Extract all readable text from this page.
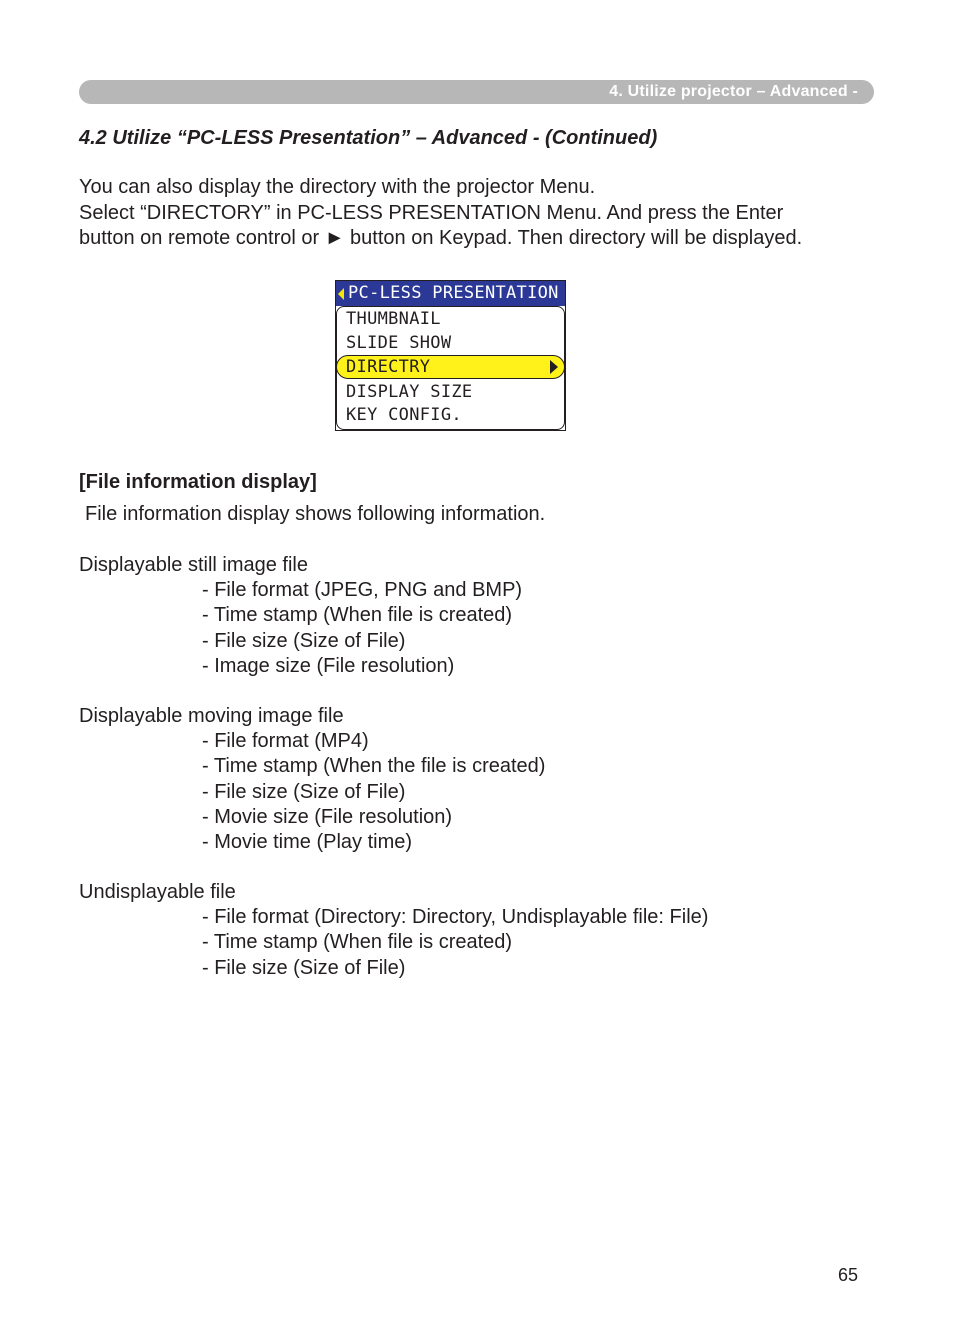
4. Utilize projector – Advanced -
4.2 Utilize “PC-LESS Presentation” – Advanced - (Continued)
You can also display the directory with the projector Menu.
Select “DIRECTORY” in PC-LESS PRESENTATION Menu. And press the Enter
button on remote control or ► button on Keypad. Then directory will be displayed.
PC-LESS PRESENTATION
THUMBNAIL
SLIDE SHOW
DIRECTRY
DISPLAY SIZE
KEY CONFIG.
[File information display]
File information display shows following information.
Displayable still image file
- File format (JPEG, PNG and BMP)
- Time stamp (When file is created)
- File size (Size of File)
- Image size (File resolution)
Displayable moving image file
- File format (MP4)
- Time stamp (When the file is created)
- File size (Size of File)
- Movie size (File resolution)
- Movie time (Play time)
Undisplayable file
- File format (Directory: Directory, Undisplayable file: File)
- Time stamp (When file is created)
- File size (Size of File)
65
